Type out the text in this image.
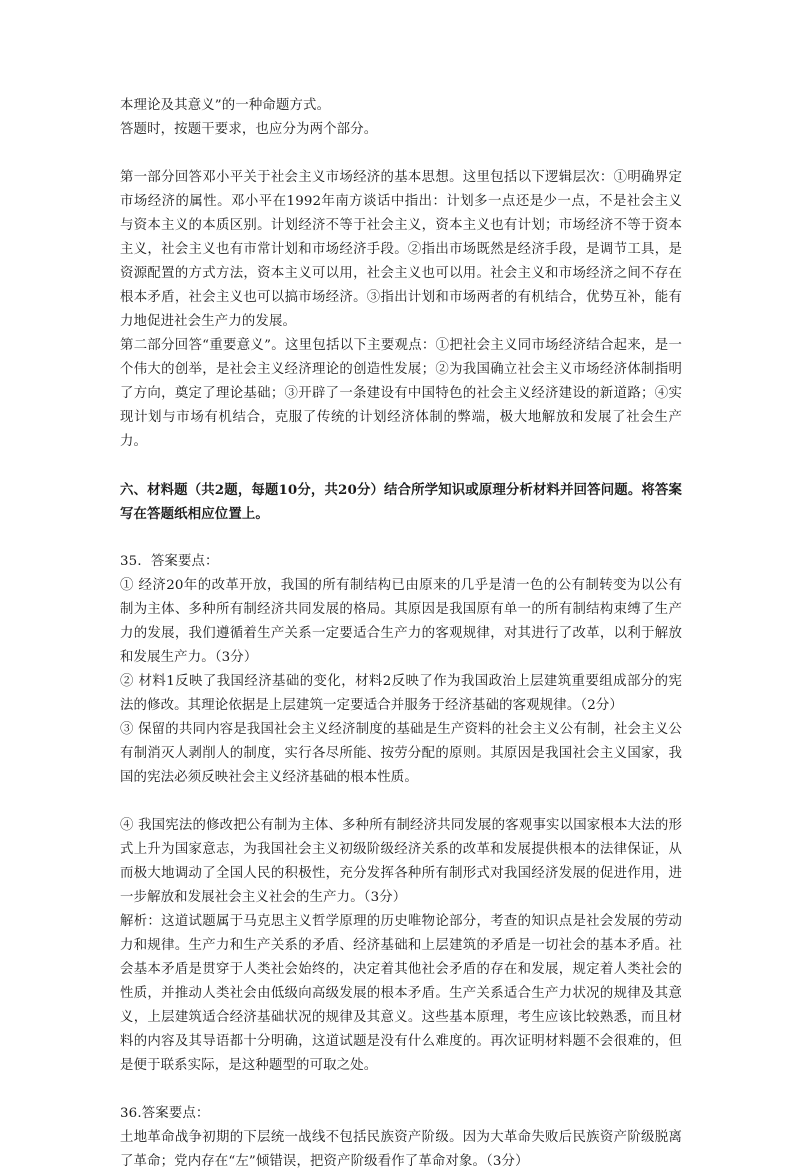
本理论及其意义”的一种命题方式。

答题时，按题干要求，也应分为两个部分。

第一部分回答邓小平关于社会主义市场经济的基本思想。这里包括以下逻辑层次：①明确界定市场经济的属性。邓小平在1992年南方谈话中指出：计划多一点还是少一点，不是社会主义与资本主义的本质区别。计划经济不等于社会主义，资本主义也有计划；市场经济不等于资本主义，社会主义也有市常计划和市场经济手段。②指出市场既然是经济手段，是调节工具，是资源配置的方式方法，资本主义可以用，社会主义也可以用。社会主义和市场经济之间不存在根本矛盾，社会主义也可以搞市场经济。③指出计划和市场两者的有机结合，优势互补，能有力地促进社会生产力的发展。

第二部分回答“重要意义”。这里包括以下主要观点：①把社会主义同市场经济结合起来，是一个伟大的创举，是社会主义经济理论的创造性发展；②为我国确立社会主义市场经济体制指明了方向，奠定了理论基础；③开辟了一条建设有中国特色的社会主义经济建设的新道路；④实现计划与市场有机结合，克服了传统的计划经济体制的弊端，极大地解放和发展了社会生产力。

六、材料题（共2题，每题10分，共20分）结合所学知识或原理分析材料并回答问题。将答案写在答题纸相应位置上。

35．答案要点：

① 经济20年的改革开放，我国的所有制结构已由原来的几乎是清一色的公有制转变为以公有制为主体、多种所有制经济共同发展的格局。其原因是我国原有单一的所有制结构束缚了生产力的发展，我们遵循着生产关系一定要适合生产力的客观规律，对其进行了改革，以利于解放和发展生产力。（3分）

② 材料1反映了我国经济基础的变化，材料2反映了作为我国政治上层建筑重要组成部分的宪法的修改。其理论依据是上层建筑一定要适合并服务于经济基础的客观规律。（2分）

③ 保留的共同内容是我国社会主义经济制度的基础是生产资料的社会主义公有制，社会主义公有制消灭人剥削人的制度，实行各尽所能、按劳分配的原则。其原因是我国社会主义国家，我国的宪法必须反映社会主义经济基础的根本性质。

④ 我国宪法的修改把公有制为主体、多种所有制经济共同发展的客观事实以国家根本大法的形式上升为国家意志，为我国社会主义初级阶级经济关系的改革和发展提供根本的法律保证，从而极大地调动了全国人民的积极性，充分发挥各种所有制形式对我国经济发展的促进作用，进一步解放和发展社会主义社会的生产力。（3分）

解析：这道试题属于马克思主义哲学原理的历史唯物论部分，考查的知识点是社会发展的劳动力和规律。生产力和生产关系的矛盾、经济基础和上层建筑的矛盾是一切社会的基本矛盾。社会基本矛盾是贯穿于人类社会始终的，决定着其他社会矛盾的存在和发展，规定着人类社会的性质，并推动人类社会由低级向高级发展的根本矛盾。生产关系适合生产力状况的规律及其意义，上层建筑适合经济基础状况的规律及其意义。这些基本原理，考生应该比较熟悉，而且材料的内容及其导语都十分明确，这道试题是没有什么难度的。再次证明材料题不会很难的，但是便于联系实际，是这种题型的可取之处。

36.答案要点：

土地革命战争初期的下层统一战线不包括民族资产阶级。因为大革命失败后民族资产阶级脱离了革命；党内存在“左”倾错误，把资产阶级看作了革命对象。（3分）
